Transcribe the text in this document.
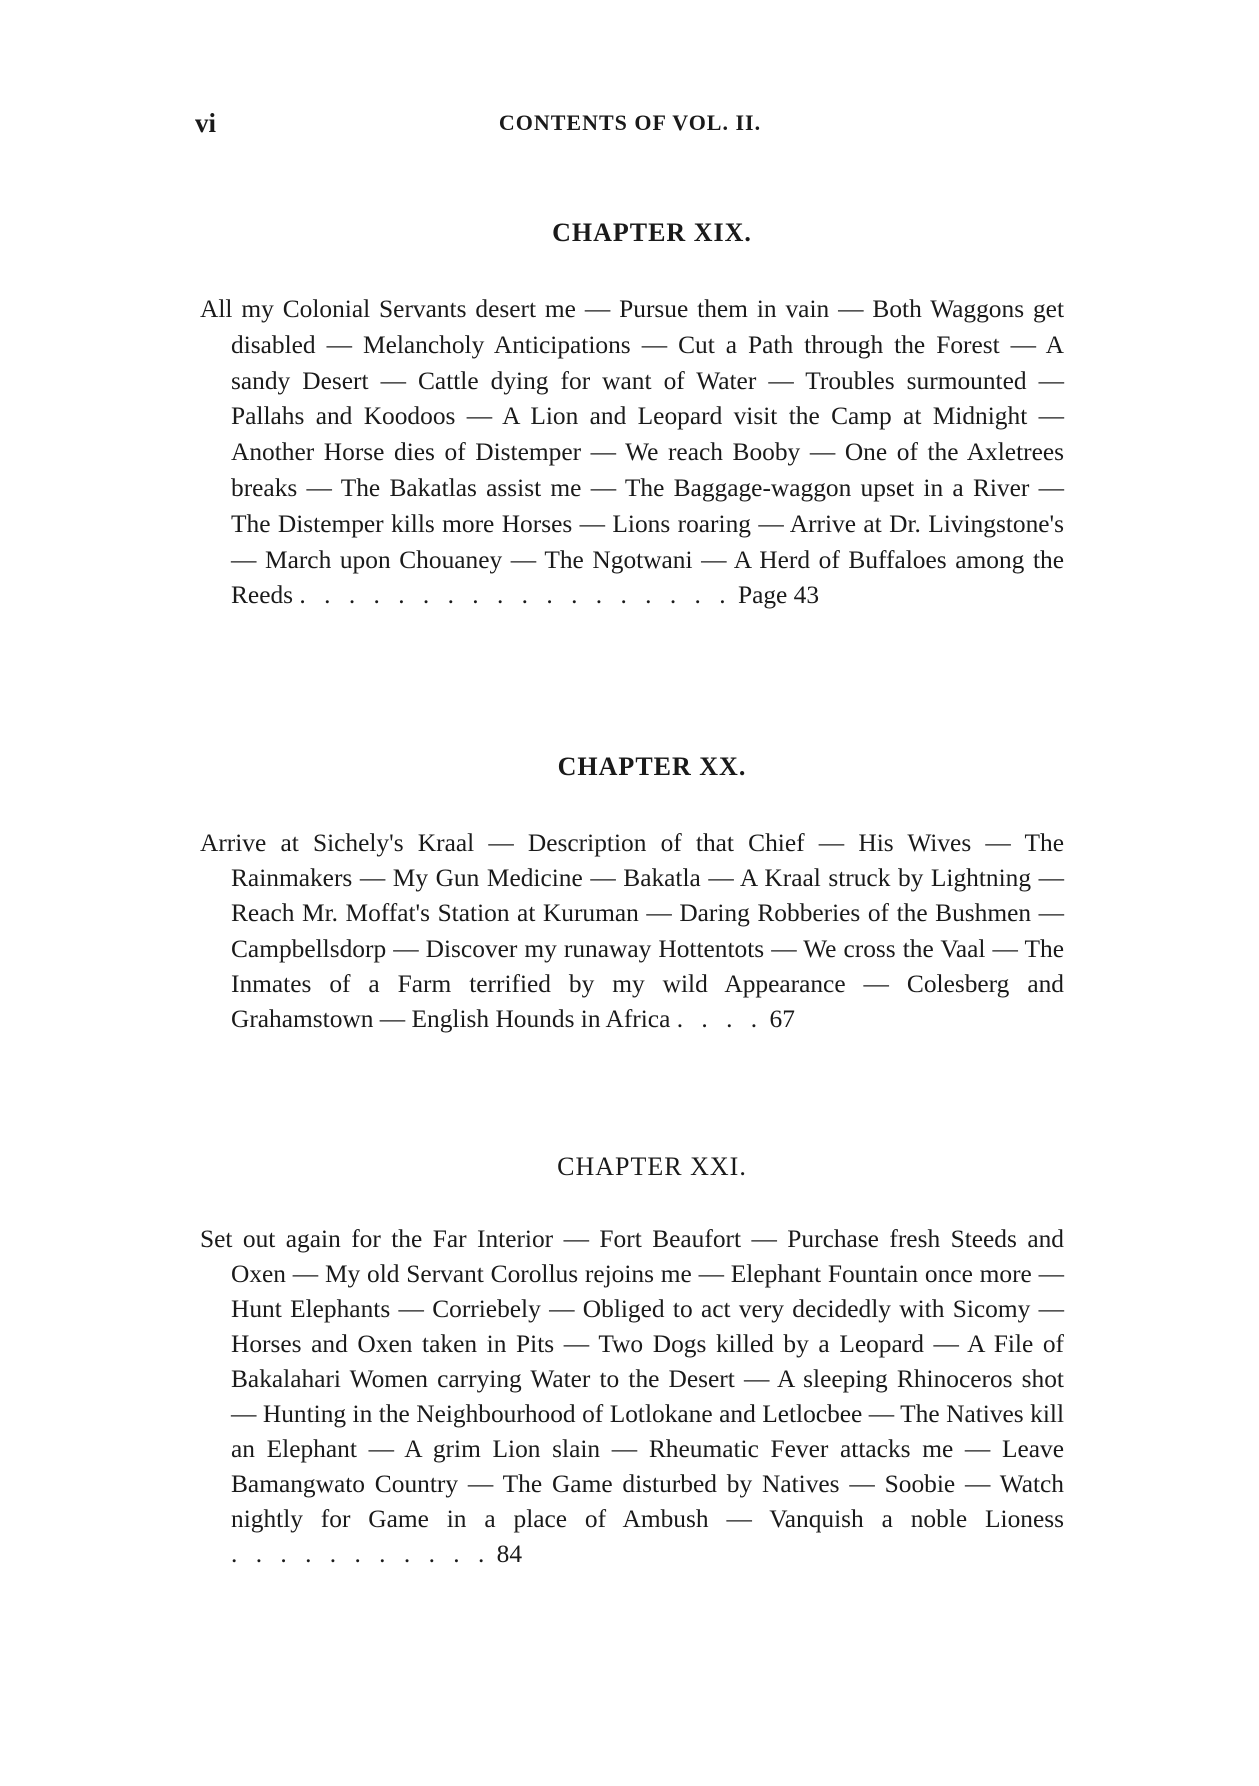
vi	CONTENTS OF VOL. II.
CHAPTER XIX.

All my Colonial Servants desert me — Pursue them in vain — Both Waggons get disabled — Melancholy Anticipations — Cut a Path through the Forest — A sandy Desert — Cattle dying for want of Water — Troubles surmounted — Pallahs and Koodoos — A Lion and Leopard visit the Camp at Midnight — Another Horse dies of Distemper — We reach Booby — One of the Axletrees breaks — The Bakatlas assist me — The Baggage-waggon upset in a River — The Distemper kills more Horses — Lions roaring — Arrive at Dr. Livingstone's — March upon Chouaney — The Ngotwani — A Herd of Buffaloes among the Reeds . . . . . . . . . . . . . . . . . . Page 43

CHAPTER XX.

Arrive at Sichely's Kraal — Description of that Chief — His Wives — The Rainmakers — My Gun Medicine — Bakatla — A Kraal struck by Lightning — Reach Mr. Moffat's Station at Kuruman — Daring Robberies of the Bushmen — Campbellsdorp — Discover my runaway Hottentots — We cross the Vaal — The Inmates of a Farm terrified by my wild Appearance — Colesberg and Grahamstown — English Hounds in Africa . . . . 67

CHAPTER XXI.

Set out again for the Far Interior — Fort Beaufort — Purchase fresh Steeds and Oxen — My old Servant Corollus rejoins me — Elephant Fountain once more — Hunt Elephants — Corriebely — Obliged to act very decidedly with Sicomy — Horses and Oxen taken in Pits — Two Dogs killed by a Leopard — A File of Bakalahari Women carrying Water to the Desert — A sleeping Rhinoceros shot — Hunting in the Neighbourhood of Lotlokane and Letlocbee — The Natives kill an Elephant — A grim Lion slain — Rheumatic Fever attacks me — Leave Bamangwato Country — The Game disturbed by Natives — Soobie — Watch nightly for Game in a place of Ambush — Vanquish a noble Lioness . . . . . . . . . . . 84
